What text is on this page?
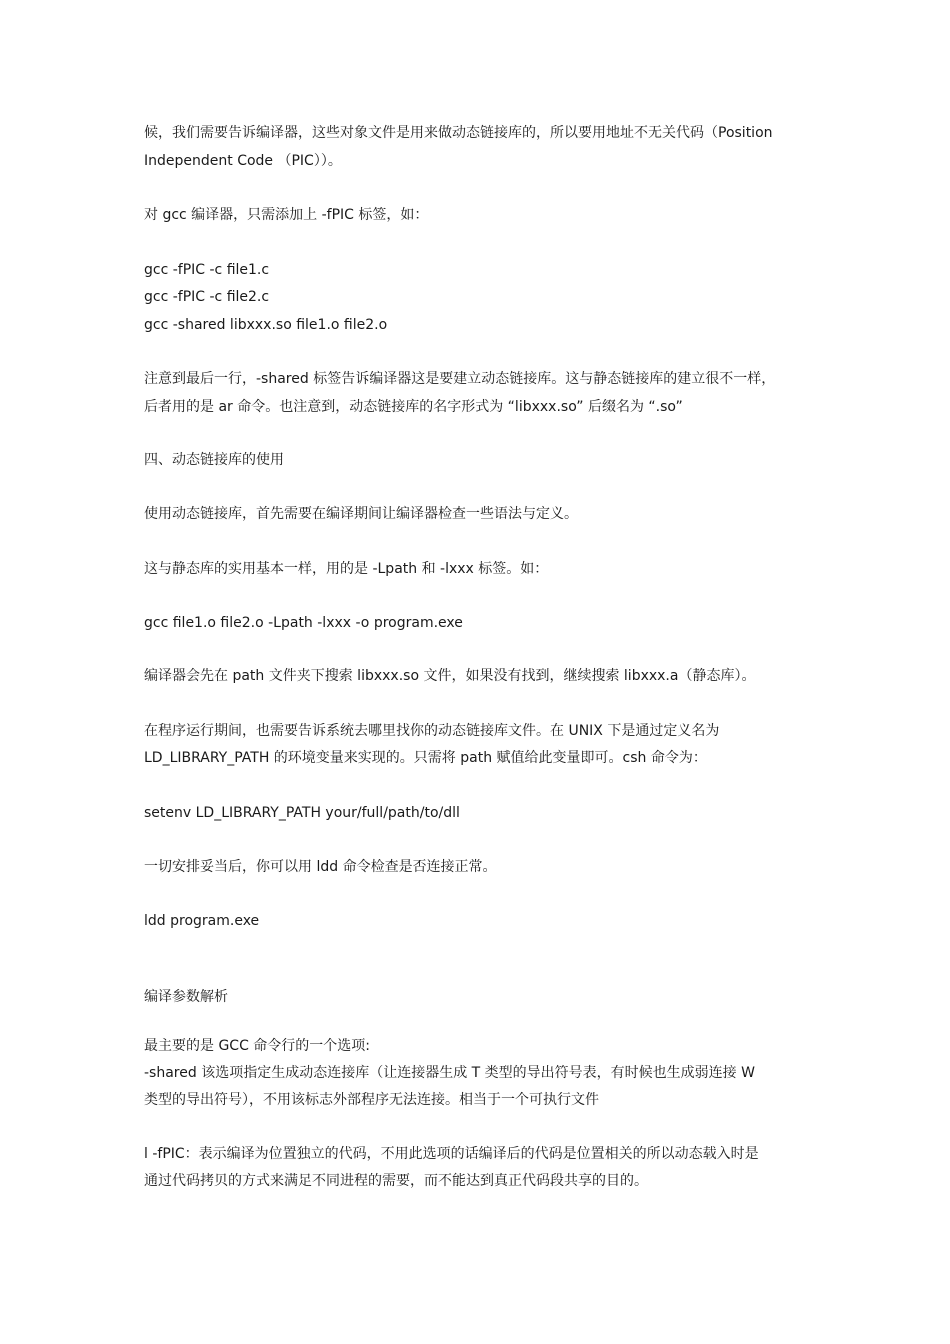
候，我们需要告诉编译器，这些对象文件是用来做动态链接库的，所以要用地址不无关代码（Position
Independent Code （PIC））。
对 gcc 编译器，只需添加上 -fPIC 标签，如：
gcc -fPIC -c file1.c
gcc -fPIC -c file2.c
gcc -shared libxxx.so file1.o file2.o
注意到最后一行，-shared 标签告诉编译器这是要建立动态链接库。这与静态链接库的建立很不一样，
后者用的是 ar 命令。也注意到，动态链接库的名字形式为 “libxxx.so” 后缀名为 “.so”
四、动态链接库的使用
使用动态链接库，首先需要在编译期间让编译器检查一些语法与定义。
这与静态库的实用基本一样，用的是 -Lpath 和 -lxxx 标签。如：
gcc file1.o file2.o -Lpath -lxxx -o program.exe
编译器会先在 path 文件夹下搜索 libxxx.so 文件，如果没有找到，继续搜索 libxxx.a（静态库）。
在程序运行期间，也需要告诉系统去哪里找你的动态链接库文件。在 UNIX 下是通过定义名为
LD_LIBRARY_PATH 的环境变量来实现的。只需将 path 赋值给此变量即可。csh 命令为：
setenv LD_LIBRARY_PATH your/full/path/to/dll
一切安排妥当后，你可以用 ldd 命令检查是否连接正常。
ldd program.exe
编译参数解析
最主要的是 GCC 命令行的一个选项:
-shared 该选项指定生成动态连接库（让连接器生成 T 类型的导出符号表，有时候也生成弱连接 W
类型的导出符号），不用该标志外部程序无法连接。相当于一个可执行文件
l -fPIC：表示编译为位置独立的代码，不用此选项的话编译后的代码是位置相关的所以动态载入时是
通过代码拷贝的方式来满足不同进程的需要，而不能达到真正代码段共享的目的。
